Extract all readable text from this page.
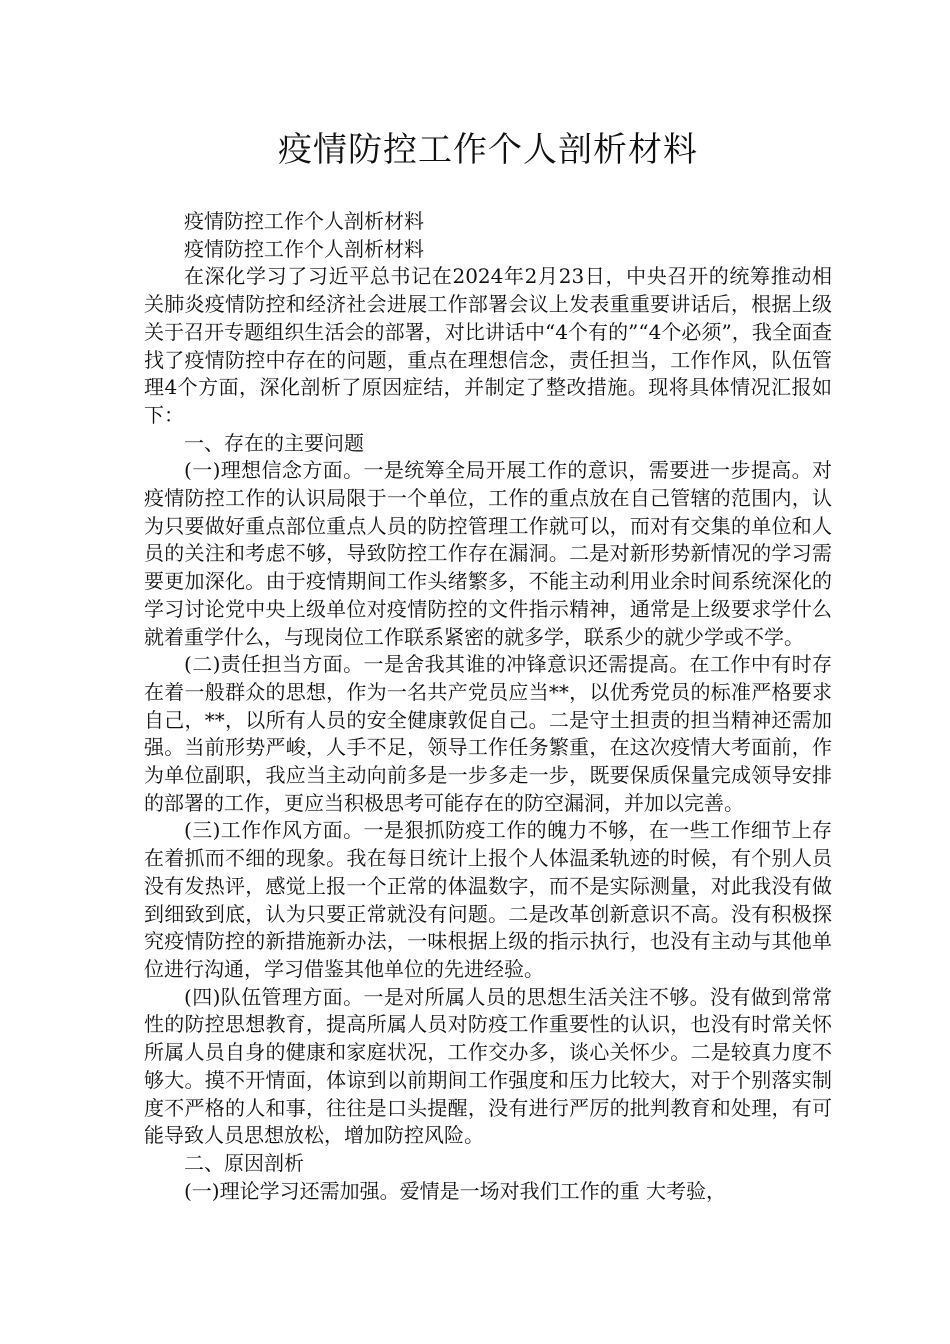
疫情防控工作个人剖析材料

疫情防控工作个人剖析材料

疫情防控工作个人剖析材料

在深化学习了习近平总书记在2024年2月23日，中央召开的统筹推动相关肺炎疫情防控和经济社会进展工作部署会议上发表重重要讲话后，根据上级关于召开专题组织生活会的部署，对比讲话中“4个有的”“4个必须”，我全面查找了疫情防控中存在的问题，重点在理想信念，责任担当，工作作风，队伍管理4个方面，深化剖析了原因症结，并制定了整改措施。现将具体情况汇报如下：

一、存在的主要问题

(一)理想信念方面。一是统筹全局开展工作的意识，需要进一步提高。对疫情防控工作的认识局限于一个单位，工作的重点放在自己管辖的范围内，认为只要做好重点部位重点人员的防控管理工作就可以，而对有交集的单位和人员的关注和考虑不够，导致防控工作存在漏洞。二是对新形势新情况的学习需要更加深化。由于疫情期间工作头绪繁多，不能主动利用业余时间系统深化的学习讨论党中央上级单位对疫情防控的文件指示精神，通常是上级要求学什么就着重学什么，与现岗位工作联系紧密的就多学，联系少的就少学或不学。

(二)责任担当方面。一是舍我其谁的冲锋意识还需提高。在工作中有时存在着一般群众的思想，作为一名共产党员应当**，以优秀党员的标准严格要求自己，**，以所有人员的安全健康敦促自己。二是守土担责的担当精神还需加强。当前形势严峻，人手不足，领导工作任务繁重，在这次疫情大考面前，作为单位副职，我应当主动向前多是一步多走一步，既要保质保量完成领导安排的部署的工作，更应当积极思考可能存在的防空漏洞，并加以完善。

(三)工作作风方面。一是狠抓防疫工作的魄力不够，在一些工作细节上存在着抓而不细的现象。我在每日统计上报个人体温柔轨迹的时候，有个别人员没有发热评，感觉上报一个正常的体温数字，而不是实际测量，对此我没有做到细致到底，认为只要正常就没有问题。二是改革创新意识不高。没有积极探究疫情防控的新措施新办法，一味根据上级的指示执行，也没有主动与其他单位进行沟通，学习借鉴其他单位的先进经验。

(四)队伍管理方面。一是对所属人员的思想生活关注不够。没有做到常常性的防控思想教育，提高所属人员对防疫工作重要性的认识，也没有时常关怀所属人员自身的健康和家庭状况，工作交办多，谈心关怀少。二是较真力度不够大。摸不开情面，体谅到以前期间工作强度和压力比较大，对于个别落实制度不严格的人和事，往往是口头提醒，没有进行严厉的批判教育和处理，有可能导致人员思想放松，增加防控风险。

二、原因剖析

(一)理论学习还需加强。爱情是一场对我们工作的重 大考验，
